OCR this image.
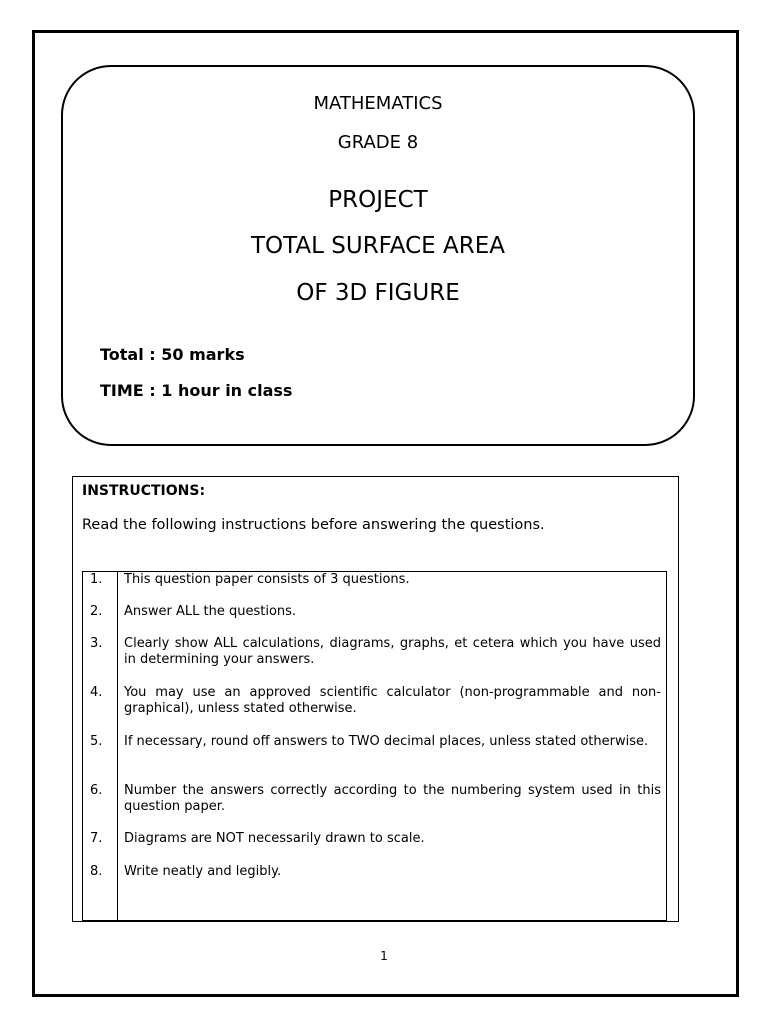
MATHEMATICS
GRADE 8
PROJECT
TOTAL SURFACE AREA
OF 3D FIGURE
Total : 50 marks
TIME : 1 hour in class
INSTRUCTIONS:
Read the following instructions before answering the questions.
1. This question paper consists of 3 questions.
2. Answer ALL the questions.
3. Clearly show ALL calculations, diagrams, graphs, et cetera which you have used in determining your answers.
4. You may use an approved scientific calculator (non-programmable and non-graphical), unless stated otherwise.
5. If necessary, round off answers to TWO decimal places, unless stated otherwise.
6. Number the answers correctly according to the numbering system used in this question paper.
7. Diagrams are NOT necessarily drawn to scale.
8. Write neatly and legibly.
1
